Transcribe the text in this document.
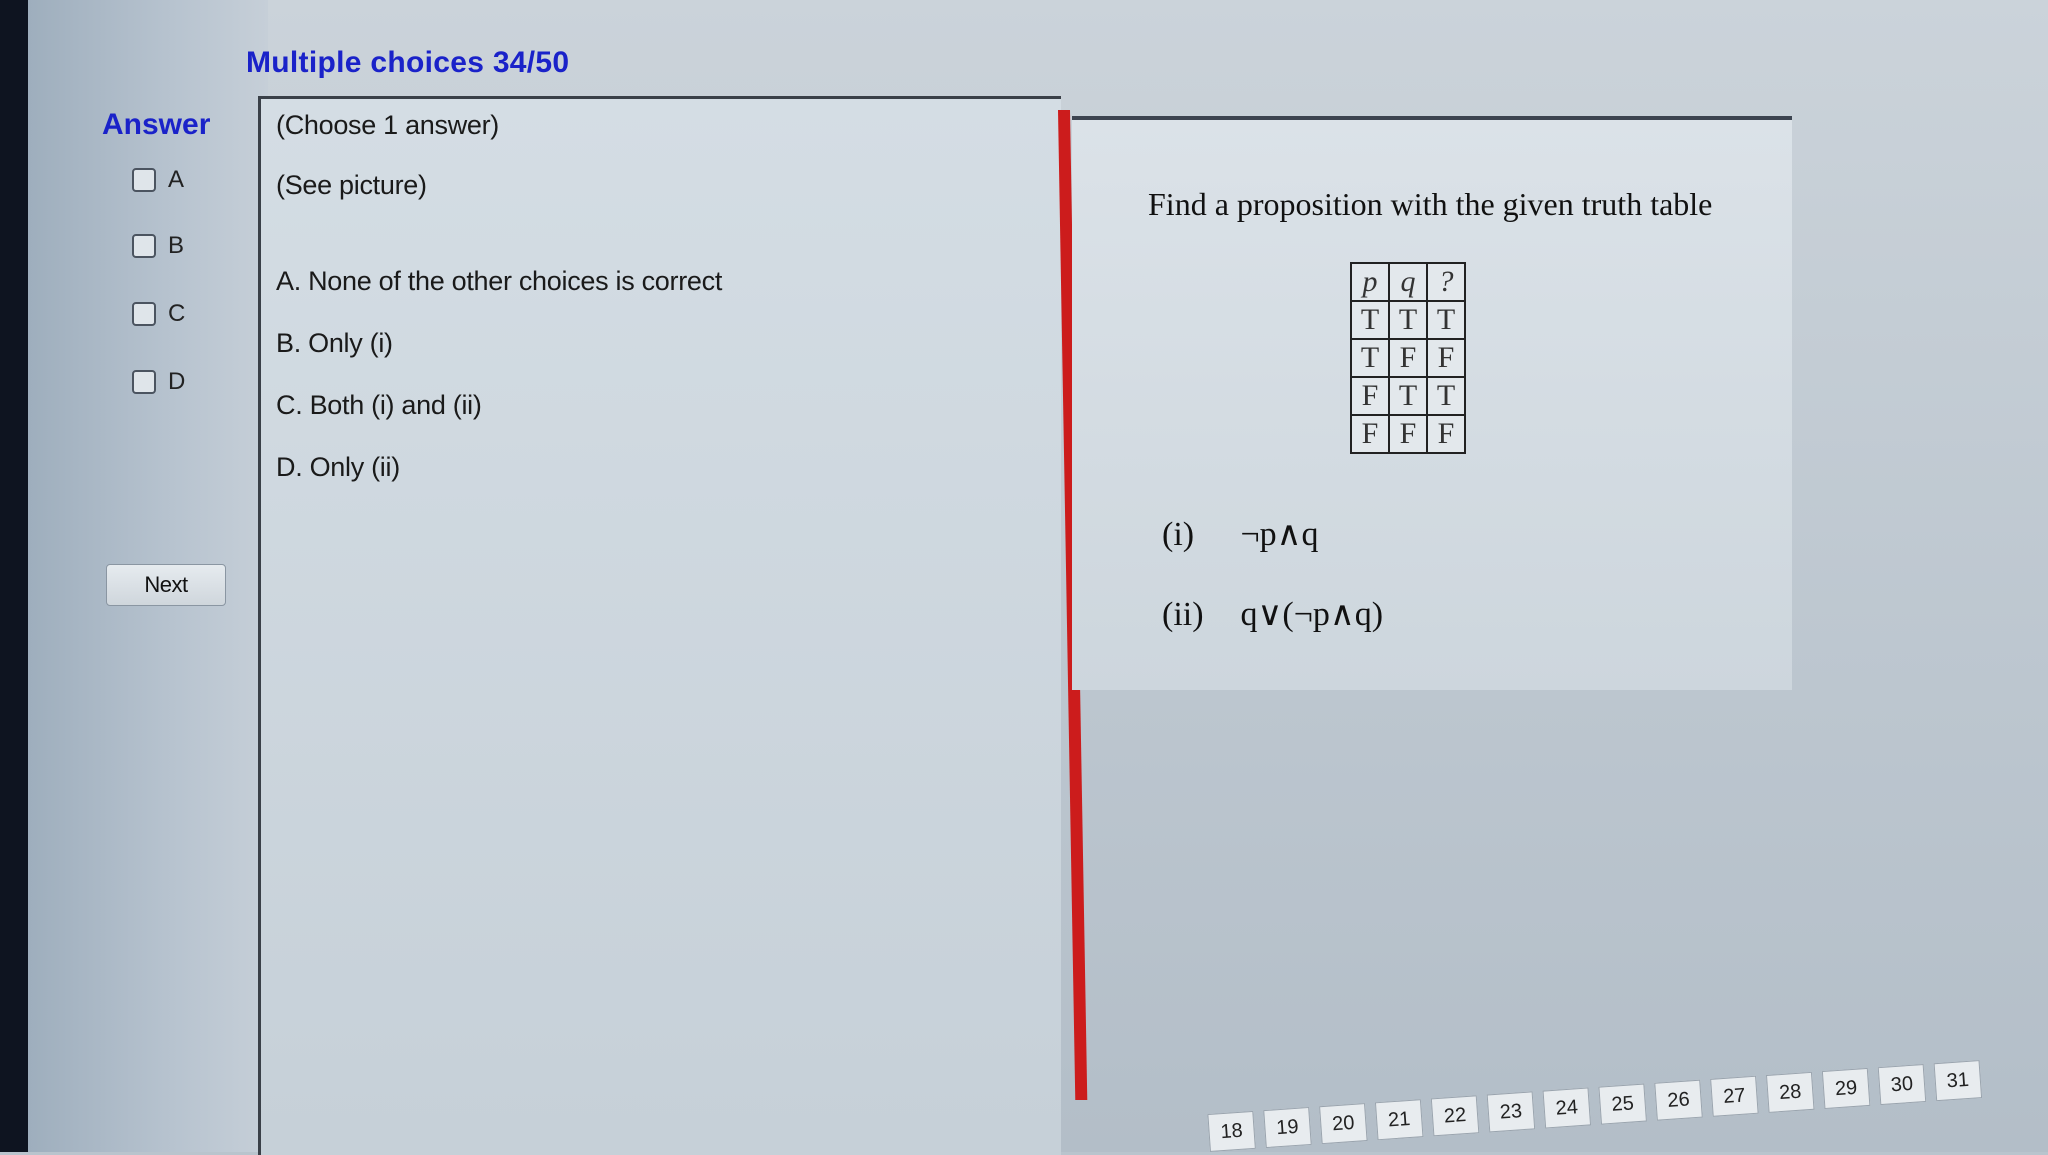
Multiple choices 34/50
Answer
A
B
C
D
Next
(Choose 1 answer)
(See picture)
A. None of the other choices is correct
B. Only (i)
C. Both (i) and (ii)
D. Only (ii)
Find a proposition with the given truth table
p	q	?
T	T	T
T	F	F
F	T	T
F	F	F
(i) ¬p∧q
(ii) q∨(¬p∧q)
18	19	20	21	22	23	24	25	26	27	28	29	30	31
